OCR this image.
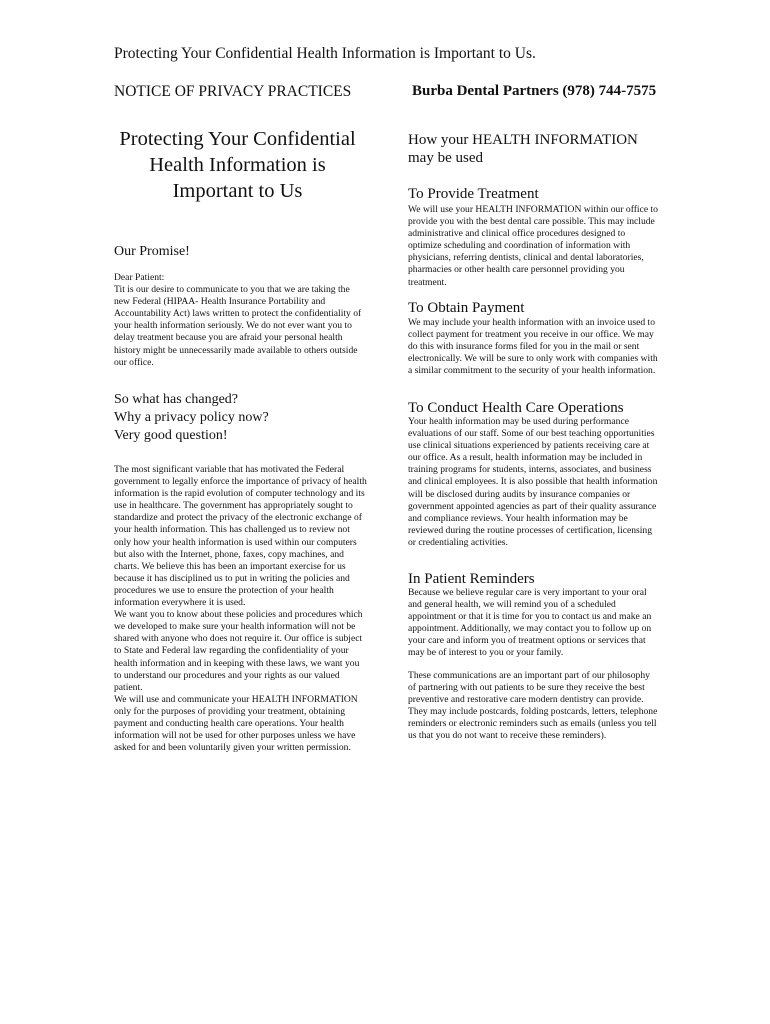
Protecting Your Confidential Health Information is Important to Us.
NOTICE OF PRIVACY PRACTICES	Burba Dental Partners (978) 744-7575
Protecting Your Confidential
Health Information is
Important to Us
Our Promise!
Dear Patient:
Tit is our desire to communicate to you that we are taking the new Federal (HIPAA- Health Insurance Portability and Accountability Act) laws written to protect the confidentiality of your health information seriously. We do not ever want you to delay treatment because you are afraid your personal health history might be unnecessarily made available to others outside our office.
So what has changed?
Why a privacy policy now?
Very good question!
The most significant variable that has motivated the Federal government to legally enforce the importance of privacy of health information is the rapid evolution of computer technology and its use in healthcare. The government has appropriately sought to standardize and protect the privacy of the electronic exchange of your health information. This has challenged us to review not only how your health information is used within our computers but also with the Internet, phone, faxes, copy machines, and charts. We believe this has been an important exercise for us because it has disciplined us to put in writing the policies and procedures we use to ensure the protection of your health information everywhere it is used.
We want you to know about these policies and procedures which we developed to make sure your health information will not be shared with anyone who does not require it. Our office is subject to State and Federal law regarding the confidentiality of your health information and in keeping with these laws, we want you to understand our procedures and your rights as our valued patient.
We will use and communicate your HEALTH INFORMATION only for the purposes of providing your treatment, obtaining payment and conducting health care operations. Your health information will not be used for other purposes unless we have asked for and been voluntarily given your written permission.
How your HEALTH INFORMATION may be used
To Provide Treatment
We will use your HEALTH INFORMATION within our office to provide you with the best dental care possible. This may include administrative and clinical office procedures designed to optimize scheduling and coordination of information with physicians, referring dentists, clinical and dental laboratories, pharmacies or other health care personnel providing you treatment.
To Obtain Payment
We may include your health information with an invoice used to collect payment for treatment you receive in our office. We may do this with insurance forms filed for you in the mail or sent electronically. We will be sure to only work with companies with a similar commitment to the security of your health information.
To Conduct Health Care Operations
Your health information may be used during performance evaluations of our staff. Some of our best teaching opportunities use clinical situations experienced by patients receiving care at our office. As a result, health information may be included in training programs for students, interns, associates, and business and clinical employees. It is also possible that health information will be disclosed during audits by insurance companies or government appointed agencies as part of their quality assurance and compliance reviews. Your health information may be reviewed during the routine processes of certification, licensing or credentialing activities.
In Patient Reminders
Because we believe regular care is very important to your oral and general health, we will remind you of a scheduled appointment or that it is time for you to contact us and make an appointment. Additionally, we may contact you to follow up on your care and inform you of treatment options or services that may be of interest to you or your family.
These communications are an important part of our philosophy of partnering with out patients to be sure they receive the best preventive and restorative care modern dentistry can provide. They may include postcards, folding postcards, letters, telephone reminders or electronic reminders such as emails (unless you tell us that you do not want to receive these reminders).
